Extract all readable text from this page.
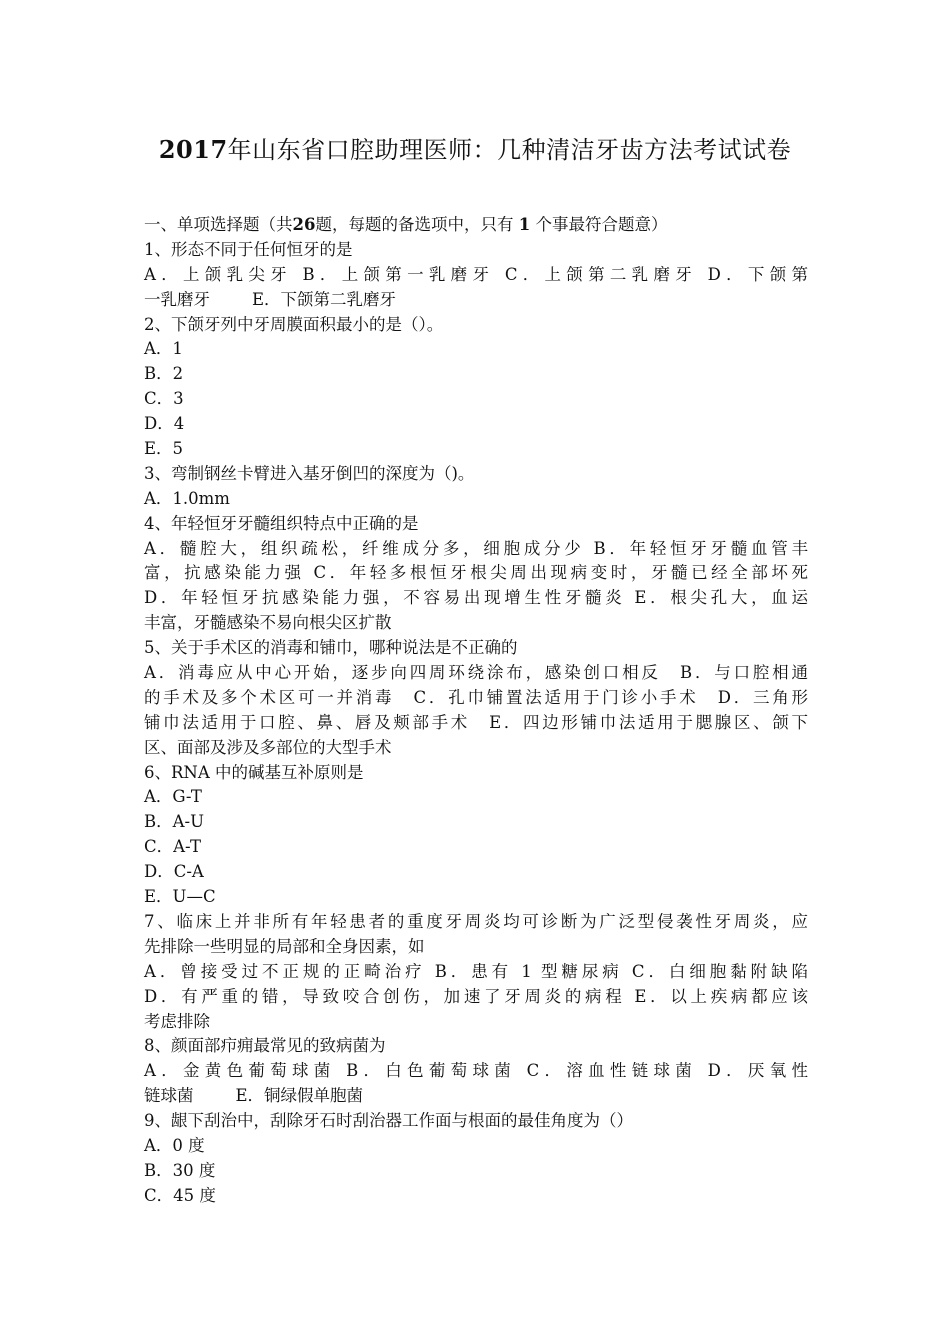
2017年山东省口腔助理医师：几种清洁牙齿方法考试试卷
一、单项选择题（共26题，每题的备选项中，只有 1 个事最符合题意）
1、形态不同于任何恒牙的是
A．上颌乳尖牙 B．上颌第一乳磨牙 C．上颌第二乳磨牙 D．下颌第
一乳磨牙	E．下颌第二乳磨牙
2、下颌牙列中牙周膜面积最小的是（）。
A．1
B．2
C．3
D．4
E．5
3、弯制钢丝卡臂进入基牙倒凹的深度为（)。
A．1.0mm
4、年轻恒牙牙髓组织特点中正确的是
A．髓腔大，组织疏松，纤维成分多，细胞成分少 B．年轻恒牙牙髓血管丰
富，抗感染能力强 C．年轻多根恒牙根尖周出现病变时，牙髓已经全部坏死
D．年轻恒牙抗感染能力强，不容易出现增生性牙髓炎 E．根尖孔大，血运
丰富，牙髓感染不易向根尖区扩散
5、关于手术区的消毒和铺巾，哪种说法是不正确的
A．消毒应从中心开始，逐步向四周环绕涂布，感染创口相反　B．与口腔相通
的手术及多个术区可一并消毒　C．孔巾铺置法适用于门诊小手术　D．三角形
铺巾法适用于口腔、鼻、唇及颊部手术　E．四边形铺巾法适用于腮腺区、颌下
区、面部及涉及多部位的大型手术
6、RNA 中的碱基互补原则是
A．G-T
B．A-U
C．A-T
D．C-A
E．U—C
7、临床上并非所有年轻患者的重度牙周炎均可诊断为广泛型侵袭性牙周炎，应
先排除一些明显的局部和全身因素，如
A．曾接受过不正规的正畸治疗 B．患有 1 型糖尿病 C．白细胞黏附缺陷
D．有严重的错，导致咬合创伤，加速了牙周炎的病程 E．以上疾病都应该
考虑排除
8、颜面部疖痈最常见的致病菌为
A．金黄色葡萄球菌 B．白色葡萄球菌 C．溶血性链球菌 D．厌氧性
链球菌	E．铜绿假单胞菌
9、龈下刮治中，刮除牙石时刮治器工作面与根面的最佳角度为（）
A．0 度
B．30 度
C．45 度
